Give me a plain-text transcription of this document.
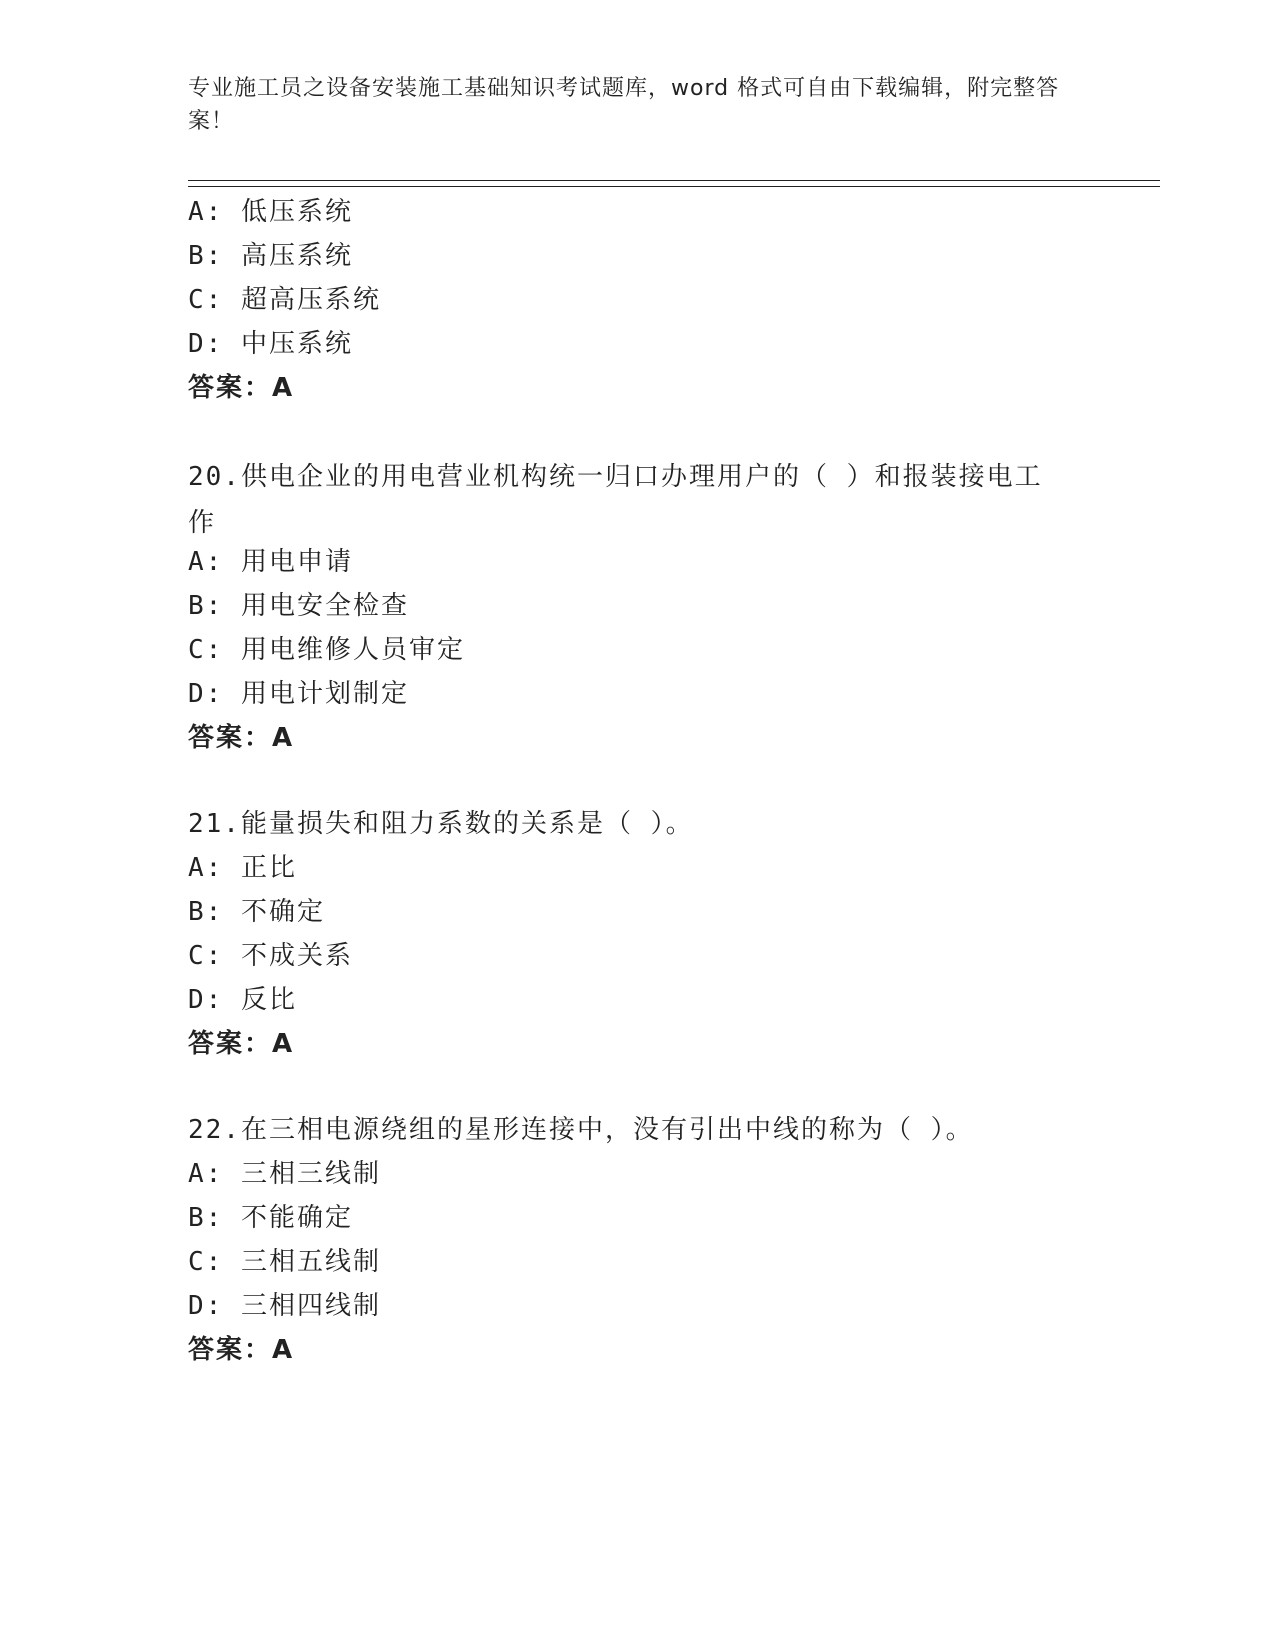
专业施工员之设备安装施工基础知识考试题库，word 格式可自由下载编辑，附完整答案！
A: 低压系统
B: 高压系统
C: 超高压系统
D: 中压系统
答案：A
20.供电企业的用电营业机构统一归口办理用户的（ ）和报装接电工作
A: 用电申请
B: 用电安全检查
C: 用电维修人员审定
D: 用电计划制定
答案：A
21.能量损失和阻力系数的关系是（ ）。
A: 正比
B: 不确定
C: 不成关系
D: 反比
答案：A
22.在三相电源绕组的星形连接中，没有引出中线的称为（ ）。
A: 三相三线制
B: 不能确定
C: 三相五线制
D: 三相四线制
答案：A
